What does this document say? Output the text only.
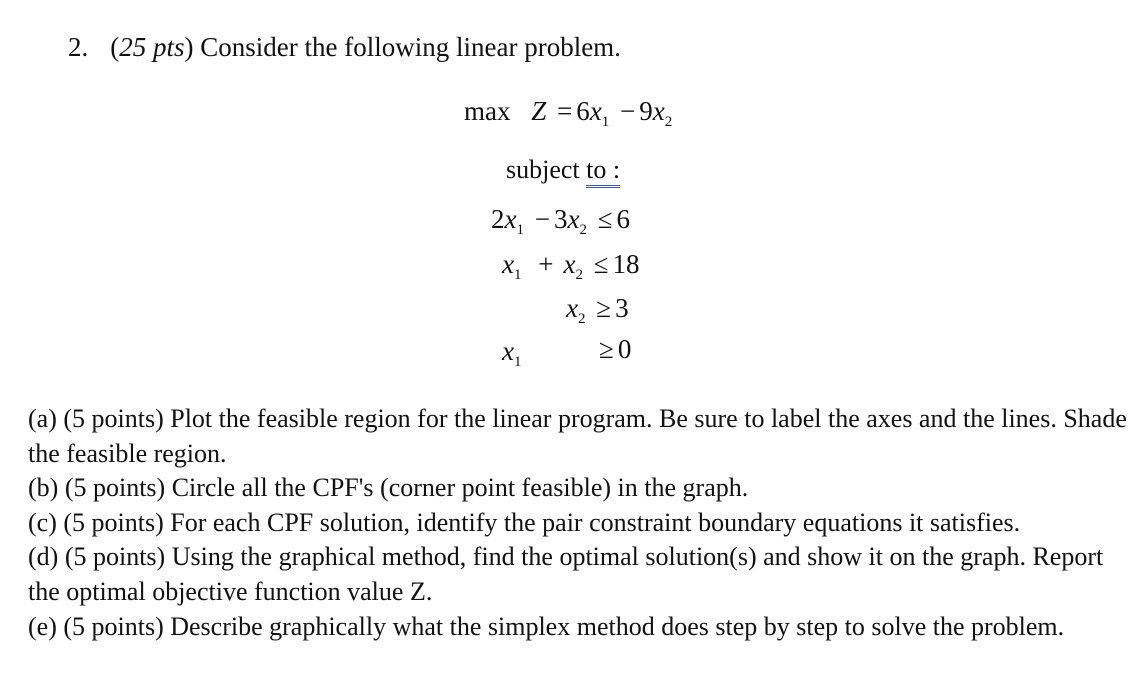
2. (25 pts) Consider the following linear problem.
$\max Z = 6x_1 - 9x_2$
subject to :
$2x_1 - 3x_2 \le 6$
$x_1 + x_2 \le 18$
$x_2 \ge 3$
$x_1$	≥ 0

(a) (5 points) Plot the feasible region for the linear program. Be sure to label the axes and the lines. Shade the feasible region.

(b) (5 points) Circle all the CPF's (corner point feasible) in the graph.

(c) (5 points) For each CPF solution, identify the pair constraint boundary equations it satisfies.

(d) (5 points) Using the graphical method, find the optimal solution(s) and show it on the graph. Report the optimal objective function value Z.

(e) (5 points) Describe graphically what the simplex method does step by step to solve the problem.
